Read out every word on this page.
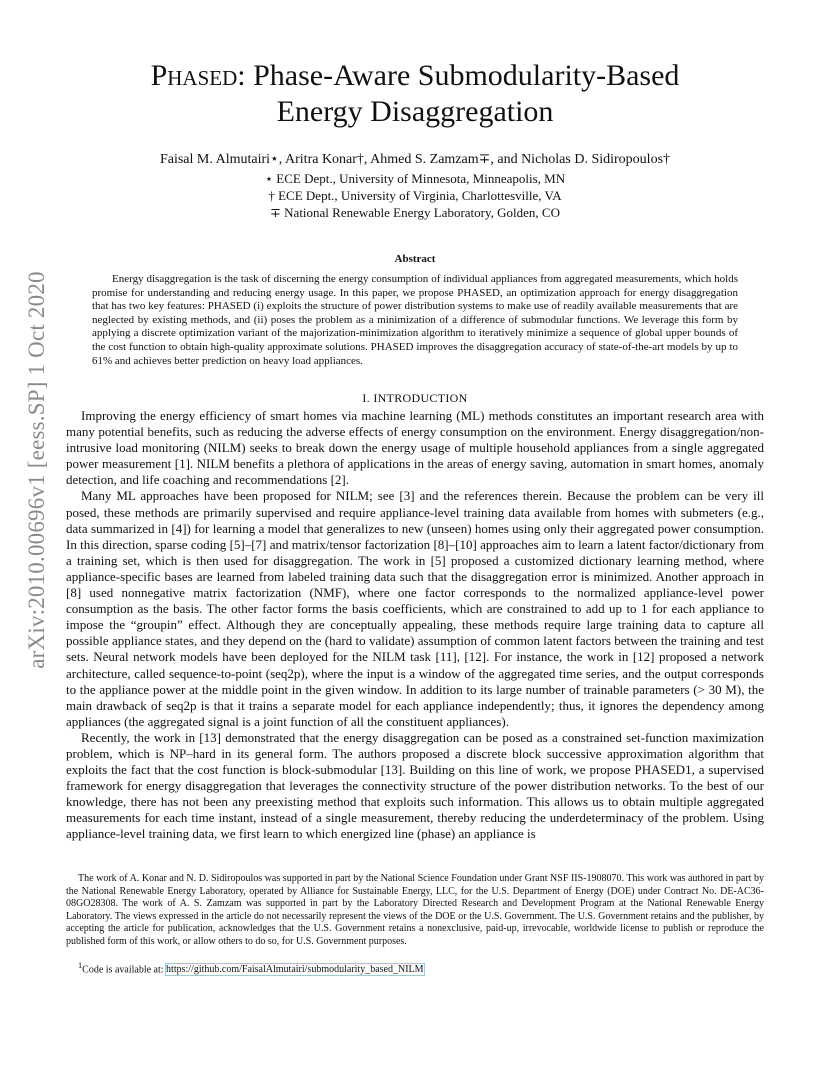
arXiv:2010.00696v1 [eess.SP] 1 Oct 2020
Phased: Phase-Aware Submodularity-Based
Energy Disaggregation
Faisal M. Almutairi⋆, Aritra Konar†, Ahmed S. Zamzam∓, and Nicholas D. Sidiropoulos†
⋆ ECE Dept., University of Minnesota, Minneapolis, MN
† ECE Dept., University of Virginia, Charlottesville, VA
∓ National Renewable Energy Laboratory, Golden, CO
Abstract
Energy disaggregation is the task of discerning the energy consumption of individual appliances from aggregated measurements, which holds promise for understanding and reducing energy usage. In this paper, we propose PHASED, an optimization approach for energy disaggregation that has two key features: PHASED (i) exploits the structure of power distribution systems to make use of readily available measurements that are neglected by existing methods, and (ii) poses the problem as a minimization of a difference of submodular functions. We leverage this form by applying a discrete optimization variant of the majorization-minimization algorithm to iteratively minimize a sequence of global upper bounds of the cost function to obtain high-quality approximate solutions. PHASED improves the disaggregation accuracy of state-of-the-art models by up to 61% and achieves better prediction on heavy load appliances.
I. INTRODUCTION

Improving the energy efficiency of smart homes via machine learning (ML) methods constitutes an important research area with many potential benefits, such as reducing the adverse effects of energy consumption on the environment. Energy disaggregation/non-intrusive load monitoring (NILM) seeks to break down the energy usage of multiple household appliances from a single aggregated power measurement [1]. NILM benefits a plethora of applications in the areas of energy saving, automation in smart homes, anomaly detection, and life coaching and recommendations [2].

Many ML approaches have been proposed for NILM; see [3] and the references therein. Because the problem can be very ill posed, these methods are primarily supervised and require appliance-level training data available from homes with submeters (e.g., data summarized in [4]) for learning a model that generalizes to new (unseen) homes using only their aggregated power consumption. In this direction, sparse coding [5]–[7] and matrix/tensor factorization [8]–[10] approaches aim to learn a latent factor/dictionary from a training set, which is then used for disaggregation. The work in [5] proposed a customized dictionary learning method, where appliance-specific bases are learned from labeled training data such that the disaggregation error is minimized. Another approach in [8] used nonnegative matrix factorization (NMF), where one factor corresponds to the normalized appliance-level power consumption as the basis. The other factor forms the basis coefficients, which are constrained to add up to 1 for each appliance to impose the “groupin” effect. Although they are conceptually appealing, these methods require large training data to capture all possible appliance states, and they depend on the (hard to validate) assumption of common latent factors between the training and test sets. Neural network models have been deployed for the NILM task [11], [12]. For instance, the work in [12] proposed a network architecture, called sequence-to-point (seq2p), where the input is a window of the aggregated time series, and the output corresponds to the appliance power at the middle point in the given window. In addition to its large number of trainable parameters (> 30 M), the main drawback of seq2p is that it trains a separate model for each appliance independently; thus, it ignores the dependency among appliances (the aggregated signal is a joint function of all the constituent appliances).

Recently, the work in [13] demonstrated that the energy disaggregation can be posed as a constrained set-function maximization problem, which is NP–hard in its general form. The authors proposed a discrete block successive approximation algorithm that exploits the fact that the cost function is block-submodular [13]. Building on this line of work, we propose PHASED1, a supervised framework for energy disaggregation that leverages the connectivity structure of the power distribution networks. To the best of our knowledge, there has not been any preexisting method that exploits such information. This allows us to obtain multiple aggregated measurements for each time instant, instead of a single measurement, thereby reducing the underdeterminacy of the problem. Using appliance-level training data, we first learn to which energized line (phase) an appliance is

The work of A. Konar and N. D. Sidiropoulos was supported in part by the National Science Foundation under Grant NSF IIS-1908070. This work was authored in part by the National Renewable Energy Laboratory, operated by Alliance for Sustainable Energy, LLC, for the U.S. Department of Energy (DOE) under Contract No. DE-AC36-08GO28308. The work of A. S. Zamzam was supported in part by the Laboratory Directed Research and Development Program at the National Renewable Energy Laboratory. The views expressed in the article do not necessarily represent the views of the DOE or the U.S. Government. The U.S. Government retains and the publisher, by accepting the article for publication, acknowledges that the U.S. Government retains a nonexclusive, paid-up, irrevocable, worldwide license to publish or reproduce the published form of this work, or allow others to do so, for U.S. Government purposes.
$^1$Code is available at: https://github.com/FaisalAlmutairi/submodularity_based_NILM
